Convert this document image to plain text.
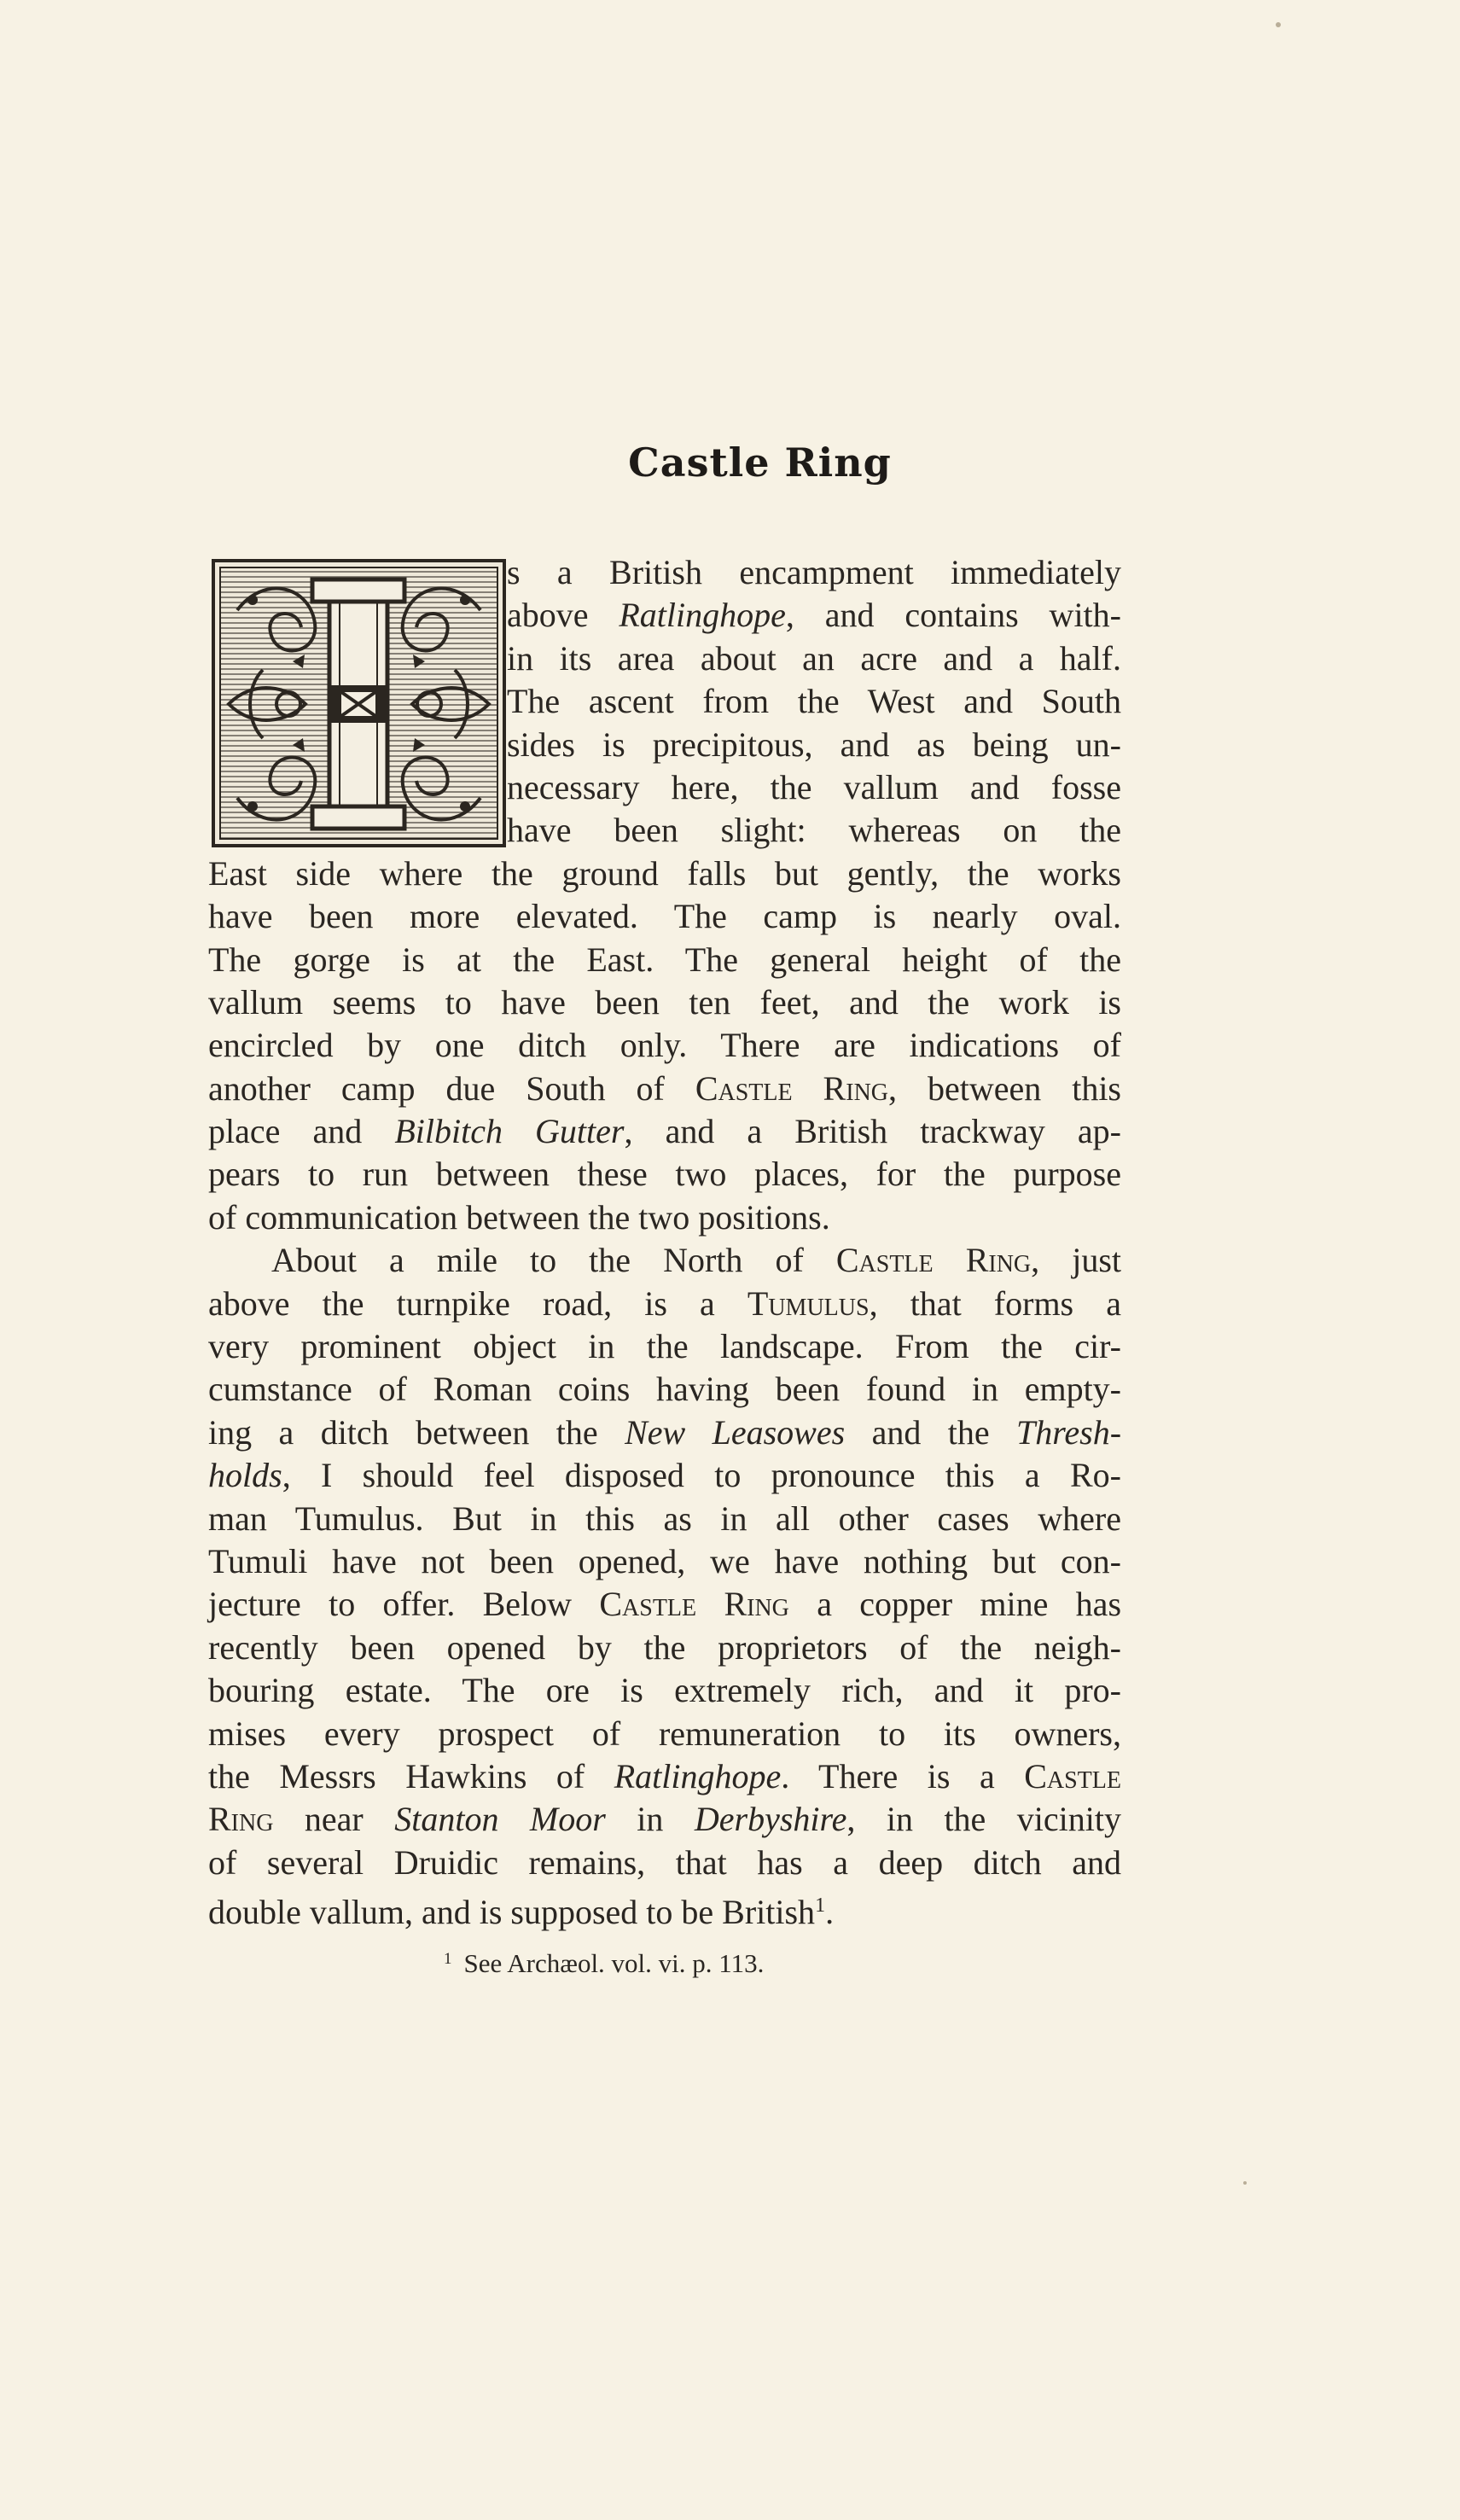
Castle Ring
s a British encampment immediately
above Ratlinghope, and contains with-
in its area about an acre and a half.
The ascent from the West and South
sides is precipitous, and as being un-
necessary here, the vallum and fosse
have been slight: whereas on the
East side where the ground falls but gently, the works
have been more elevated. The camp is nearly oval.
The gorge is at the East. The general height of the
vallum seems to have been ten feet, and the work is
encircled by one ditch only. There are indications of
another camp due South of Castle Ring, between this
place and Bilbitch Gutter, and a British trackway ap-
pears to run between these two places, for the purpose
of communication between the two positions.
About a mile to the North of Castle Ring, just
above the turnpike road, is a Tumulus, that forms a
very prominent object in the landscape. From the cir-
cumstance of Roman coins having been found in empty-
ing a ditch between the New Leasowes and the Thresh-
holds, I should feel disposed to pronounce this a Ro-
man Tumulus. But in this as in all other cases where
Tumuli have not been opened, we have nothing but con-
jecture to offer. Below Castle Ring a copper mine has
recently been opened by the proprietors of the neigh-
bouring estate. The ore is extremely rich, and it pro-
mises every prospect of remuneration to its owners,
the Messrs Hawkins of Ratlinghope. There is a Castle
Ring near Stanton Moor in Derbyshire, in the vicinity
of several Druidic remains, that has a deep ditch and
double vallum, and is supposed to be British$^1$.
$^1$ See Archæol. vol. vi. p. 113.
